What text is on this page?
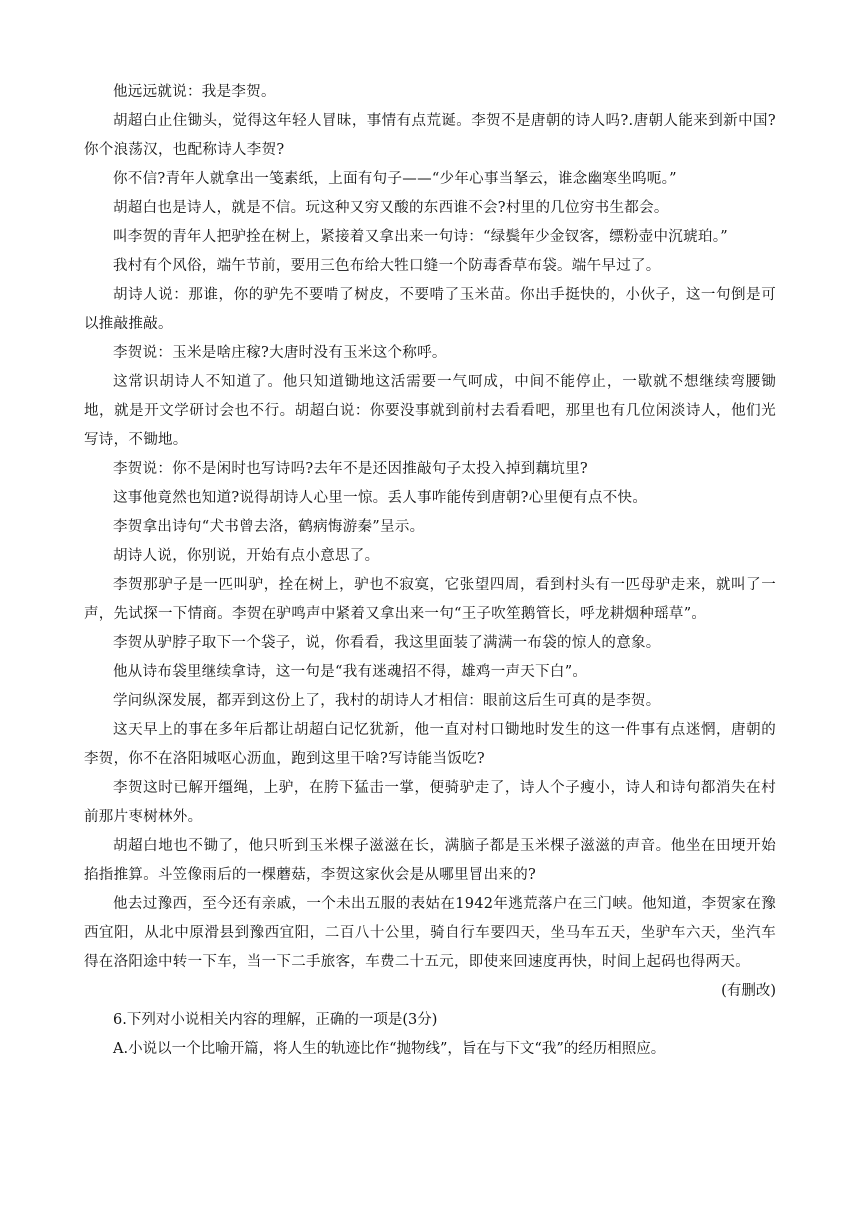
他远远就说：我是李贺。

胡超白止住锄头，觉得这年轻人冒昧，事情有点荒诞。李贺不是唐朝的诗人吗?.唐朝人能来到新中国?你个浪荡汉，也配称诗人李贺?

你不信?青年人就拿出一笺素纸，上面有句子——“少年心事当拏云，谁念幽寒坐呜呃。”

胡超白也是诗人，就是不信。玩这种又穷又酸的东西谁不会?村里的几位穷书生都会。

叫李贺的青年人把驴拴在树上，紧接着又拿出来一句诗：“绿鬓年少金钗客，缥粉壶中沉琥珀。”

我村有个风俗，端午节前，要用三色布给大牲口缝一个防毒香草布袋。端午早过了。

胡诗人说：那谁，你的驴先不要啃了树皮，不要啃了玉米苗。你出手挺快的，小伙子，这一句倒是可以推敲推敲。

李贺说：玉米是啥庄稼?大唐时没有玉米这个称呼。

这常识胡诗人不知道了。他只知道锄地这活需要一气呵成，中间不能停止，一歇就不想继续弯腰锄地，就是开文学研讨会也不行。胡超白说：你要没事就到前村去看看吧，那里也有几位闲淡诗人，他们光写诗，不锄地。

李贺说：你不是闲时也写诗吗?去年不是还因推敲句子太投入掉到藕坑里?

这事他竟然也知道?说得胡诗人心里一惊。丢人事咋能传到唐朝?心里便有点不快。

李贺拿出诗句“犬书曾去洛，鹤病悔游秦”呈示。

胡诗人说，你别说，开始有点小意思了。

李贺那驴子是一匹叫驴，拴在树上，驴也不寂寞，它张望四周，看到村头有一匹母驴走来，就叫了一声，先试探一下情商。李贺在驴鸣声中紧着又拿出来一句“王子吹笙鹅管长，呼龙耕烟种瑶草”。

李贺从驴脖子取下一个袋子，说，你看看，我这里面装了满满一布袋的惊人的意象。

他从诗布袋里继续拿诗，这一句是“我有迷魂招不得，雄鸡一声天下白”。

学问纵深发展，都弄到这份上了，我村的胡诗人才相信：眼前这后生可真的是李贺。

这天早上的事在多年后都让胡超白记忆犹新，他一直对村口锄地时发生的这一件事有点迷惘，唐朝的李贺，你不在洛阳城呕心沥血，跑到这里干啥?写诗能当饭吃?

李贺这时已解开缰绳，上驴，在胯下猛击一掌，便骑驴走了，诗人个子瘦小，诗人和诗句都消失在村前那片枣树林外。

胡超白地也不锄了，他只听到玉米棵子滋滋在长，满脑子都是玉米棵子滋滋的声音。他坐在田埂开始掐指推算。斗笠像雨后的一棵蘑菇，李贺这家伙会是从哪里冒出来的?

他去过豫西，至今还有亲戚，一个未出五服的表姑在1942年逃荒落户在三门峡。他知道，李贺家在豫西宜阳，从北中原滑县到豫西宜阳，二百八十公里，骑自行车要四天，坐马车五天，坐驴车六天，坐汽车得在洛阳途中转一下车，当一下二手旅客，车费二十五元，即使来回速度再快，时间上起码也得两天。

(有删改)

6.下列对小说相关内容的理解，正确的一项是(3分)

A.小说以一个比喻开篇，将人生的轨迹比作“抛物线”，旨在与下文“我”的经历相照应。
